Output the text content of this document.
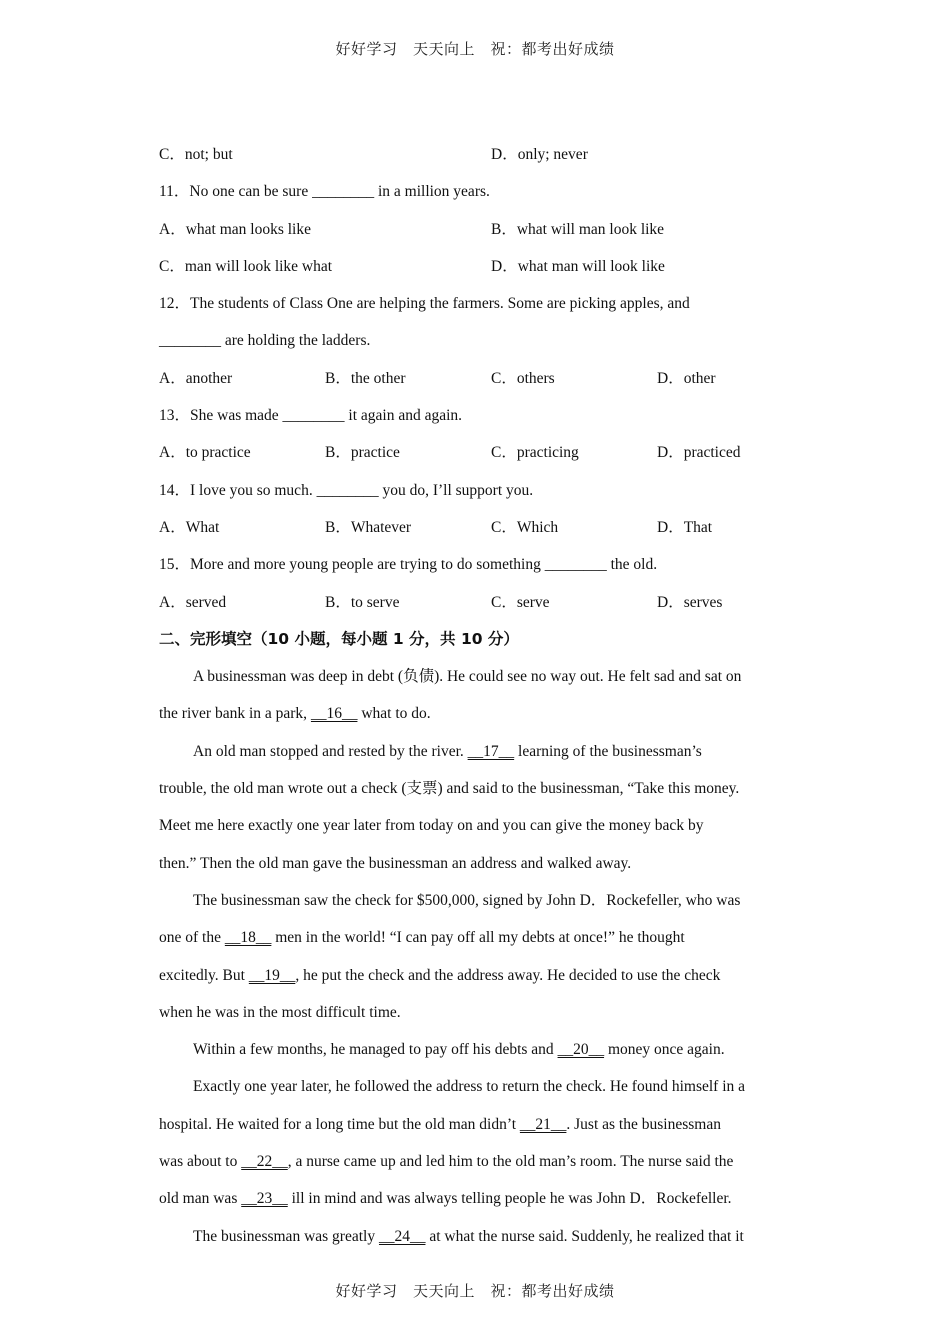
好好学习　天天向上　祝：都考出好成绩
C．not; but	D．only; never
11．No one can be sure ________ in a million years.
A．what man looks like	B．what will man look like
C．man will look like what	D．what man will look like
12．The students of Class One are helping the farmers. Some are picking apples, and
________ are holding the ladders.
A．another	B．the other	C．others	D．other
13．She was made ________ it again and again.
A．to practice	B．practice	C．practicing	D．practiced
14．I love you so much. ________ you do, I’ll support you.
A．What	B．Whatever	C．Which	D．That
15．More and more young people are trying to do something ________ the old.
A．served	B．to serve	C．serve	D．serves
二、完形填空（10 小题，每小题 1 分，共 10 分）
A businessman was deep in debt (负债). He could see no way out. He felt sad and sat on
the river bank in a park, __16__ what to do.
An old man stopped and rested by the river. __17__ learning of the businessman’s
trouble, the old man wrote out a check (支票) and said to the businessman, “Take this money.
Meet me here exactly one year later from today on and you can give the money back by
then.” Then the old man gave the businessman an address and walked away.
The businessman saw the check for $500,000, signed by John D．Rockefeller, who was
one of the __18__ men in the world! “I can pay off all my debts at once!” he thought
excitedly. But __19__, he put the check and the address away. He decided to use the check
when he was in the most difficult time.
Within a few months, he managed to pay off his debts and __20__ money once again.
Exactly one year later, he followed the address to return the check. He found himself in a
hospital. He waited for a long time but the old man didn’t __21__. Just as the businessman
was about to __22__, a nurse came up and led him to the old man’s room. The nurse said the
old man was __23__ ill in mind and was always telling people he was John D．Rockefeller.
The businessman was greatly __24__ at what the nurse said. Suddenly, he realized that it
好好学习　天天向上　祝：都考出好成绩
